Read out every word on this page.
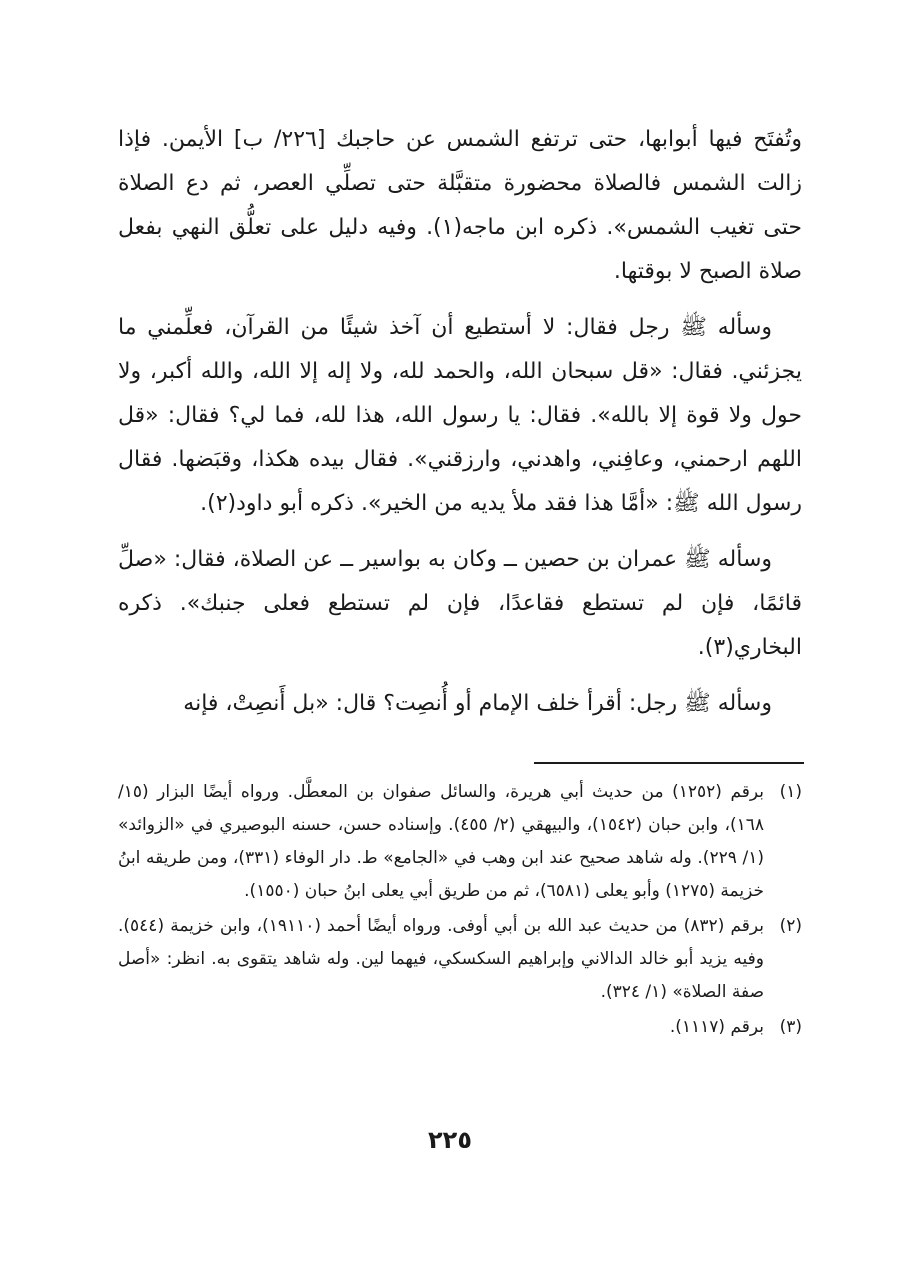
وتُفتَح فيها أبوابها، حتى ترتفع الشمس عن حاجبك [٢٢٦/ ب] الأيمن. فإذا زالت الشمس فالصلاة محضورة متقبَّلة حتى تصلِّي العصر، ثم دع الصلاة حتى تغيب الشمس». ذكره ابن ماجه(١). وفيه دليل على تعلُّق النهي بفعل صلاة الصبح لا بوقتها.

وسأله ﷺ رجل فقال: لا أستطيع أن آخذ شيئًا من القرآن، فعلِّمني ما يجزئني. فقال: «قل سبحان الله، والحمد لله، ولا إله إلا الله، والله أكبر، ولا حول ولا قوة إلا بالله». فقال: يا رسول الله، هذا لله، فما لي؟ فقال: «قل اللهم ارحمني، وعافِني، واهدني، وارزقني». فقال بيده هكذا، وقبَضها. فقال رسول الله ﷺ: «أمَّا هذا فقد ملأ يديه من الخير». ذكره أبو داود(٢).

وسأله ﷺ عمران بن حصين ــ وكان به بواسير ــ عن الصلاة، فقال: «صلِّ قائمًا، فإن لم تستطع فقاعدًا، فإن لم تستطع فعلى جنبك». ذكره البخاري(٣).

وسأله ﷺ رجل: أقرأ خلف الإمام أو أُنصِت؟ قال: «بل أَنصِتْ، فإنه

(١)
برقم (١٢٥٢) من حديث أبي هريرة، والسائل صفوان بن المعطَّل. ورواه أيضًا البزار (١٥/ ١٦٨)، وابن حبان (١٥٤٢)، والبيهقي (٢/ ٤٥٥). وإسناده حسن، حسنه البوصيري في «الزوائد» (١/ ٢٢٩). وله شاهد صحيح عند ابن وهب في «الجامع» ط. دار الوفاء (٣٣١)، ومن طريقه ابنُ خزيمة (١٢٧٥) وأبو يعلى (٦٥٨١)، ثم من طريق أبي يعلى ابنُ حبان (١٥٥٠).
(٢)
برقم (٨٣٢) من حديث عبد الله بن أبي أوفى. ورواه أيضًا أحمد (١٩١١٠)، وابن خزيمة (٥٤٤). وفيه يزيد أبو خالد الدالاني وإبراهيم السكسكي، فيهما لين. وله شاهد يتقوى به. انظر: «أصل صفة الصلاة» (١/ ٣٢٤).
(٣)
برقم (١١١٧).
٢٢٥
